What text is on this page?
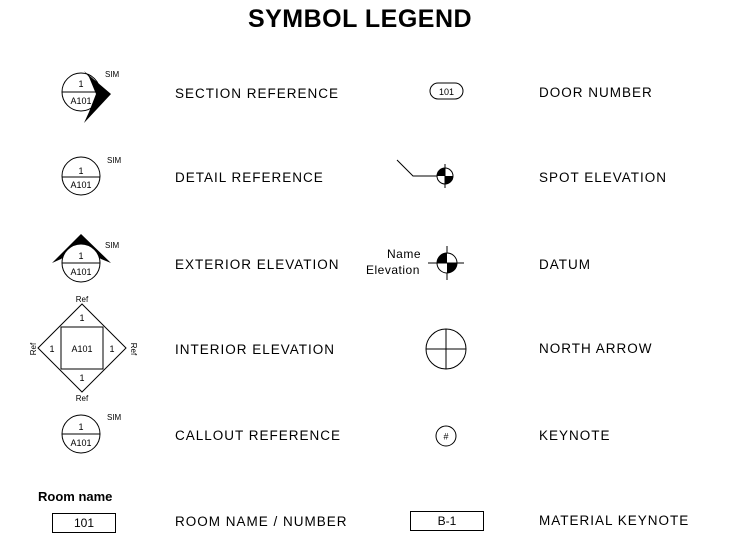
SYMBOL LEGEND
1
A101
SIM
SECTION REFERENCE
1
A101
SIM
DETAIL REFERENCE
1
A101
SIM
EXTERIOR ELEVATION
1
1	1
1
A101
Ref
Ref
Ref	Ref	INTERIOR ELEVATION
1
A101
SIM
CALLOUT REFERENCE
Room name
101	ROOM NAME / NUMBER
101	DOOR NUMBER
SPOT ELEVATION
Name
Elevation	DATUM
NORTH ARROW
#	KEYNOTE
B-1	MATERIAL KEYNOTE
